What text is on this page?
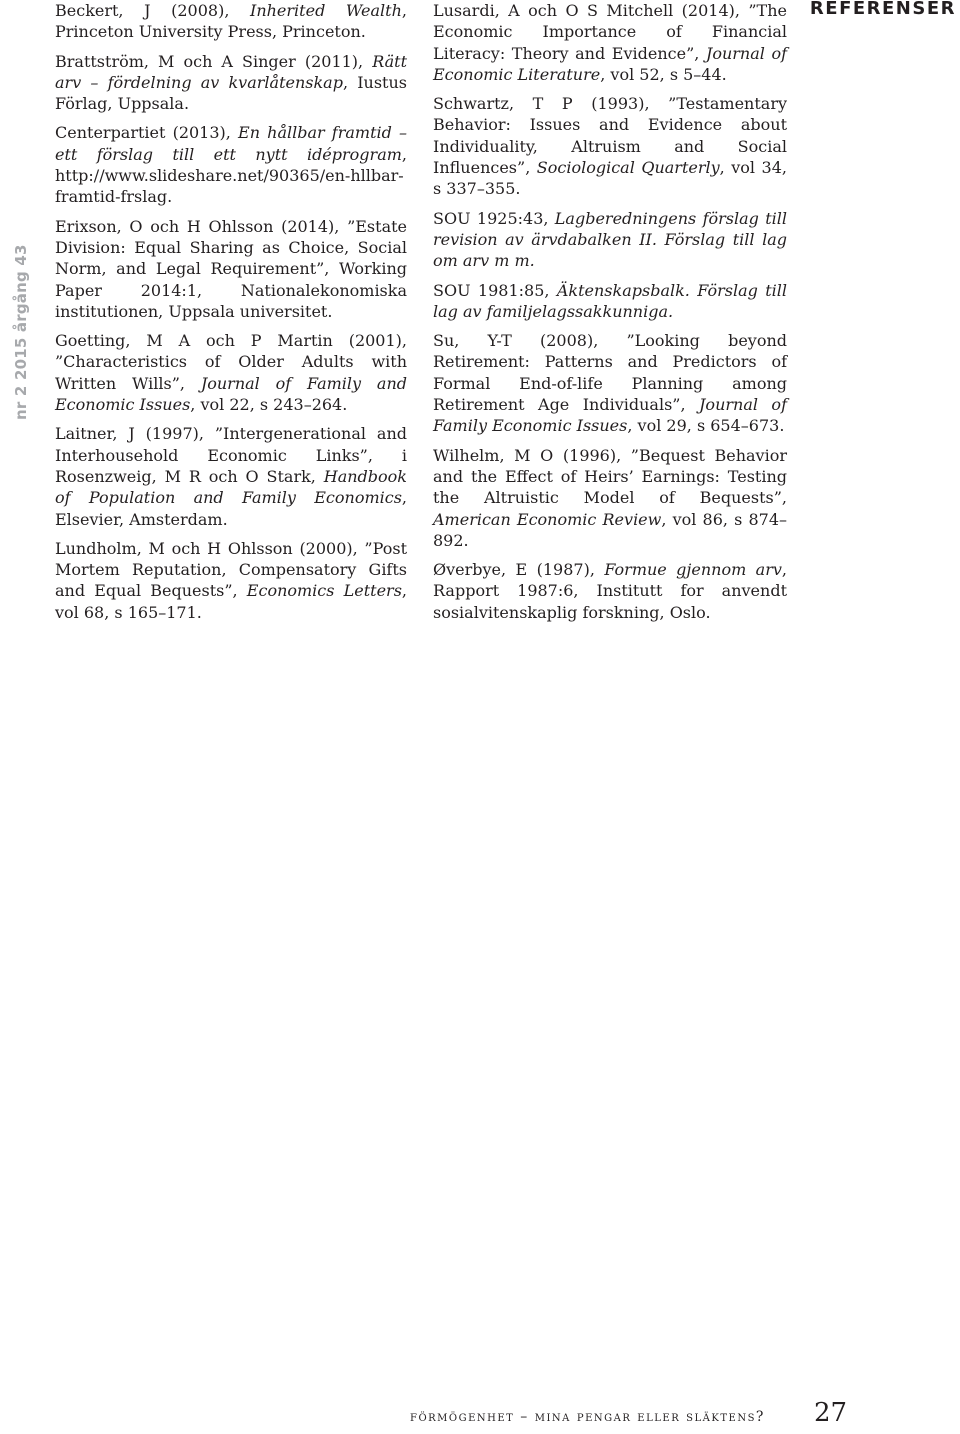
nr 2 2015 årgång 43
REFERENSER

Beckert, J (2008), Inherited Wealth, Princeton University Press, Princeton.

Brattström, M och A Singer (2011), Rätt arv – fördelning av kvarlåtenskap, Iustus Förlag, Uppsala.

Centerpartiet (2013), En hållbar framtid – ett förslag till ett nytt idéprogram, http://www.slideshare.net/90365/en-hllbar-framtid-frslag.

Erixson, O och H Ohlsson (2014), ”Estate Division: Equal Sharing as Choice, Social Norm, and Legal Requirement”, Working Paper 2014:1, Nationalekonomiska institutionen, Uppsala universitet.

Goetting, M A och P Martin (2001), ”Characteristics of Older Adults with Written Wills”, Journal of Family and Economic Issues, vol 22, s 243–264.

Laitner, J (1997), ”Intergenerational and Interhousehold Economic Links”, i Rosenzweig, M R och O Stark, Handbook of Population and Family Economics, Elsevier, Amsterdam.

Lundholm, M och H Ohlsson (2000), ”Post Mortem Reputation, Compensatory Gifts and Equal Bequests”, Economics Letters, vol 68, s 165–171.

Lusardi, A och O S Mitchell (2014), ”The Economic Importance of Financial Literacy: Theory and Evidence”, Journal of Economic Literature, vol 52, s 5–44.

Schwartz, T P (1993), ”Testamentary Behavior: Issues and Evidence about Individuality, Altruism and Social Influences”, Sociological Quarterly, vol 34, s 337–355.

SOU 1925:43, Lagberedningens förslag till revision av ärvdabalken II. Förslag till lag om arv m m.

SOU 1981:85, Äktenskapsbalk. Förslag till lag av familjelagssakkunniga.

Su, Y-T (2008), ”Looking beyond Retirement: Patterns and Predictors of Formal End-of-life Planning among Retirement Age Individuals”, Journal of Family Economic Issues, vol 29, s 654–673.

Wilhelm, M O (1996), ”Bequest Behavior and the Effect of Heirs’ Earnings: Testing the Altruistic Model of Bequests”, American Economic Review, vol 86, s 874–892.

Øverbye, E (1987), Formue gjennom arv, Rapport 1987:6, Institutt for anvendt sosialvitenskaplig forskning, Oslo.

förmögenhet – mina pengar eller släktens? 27
